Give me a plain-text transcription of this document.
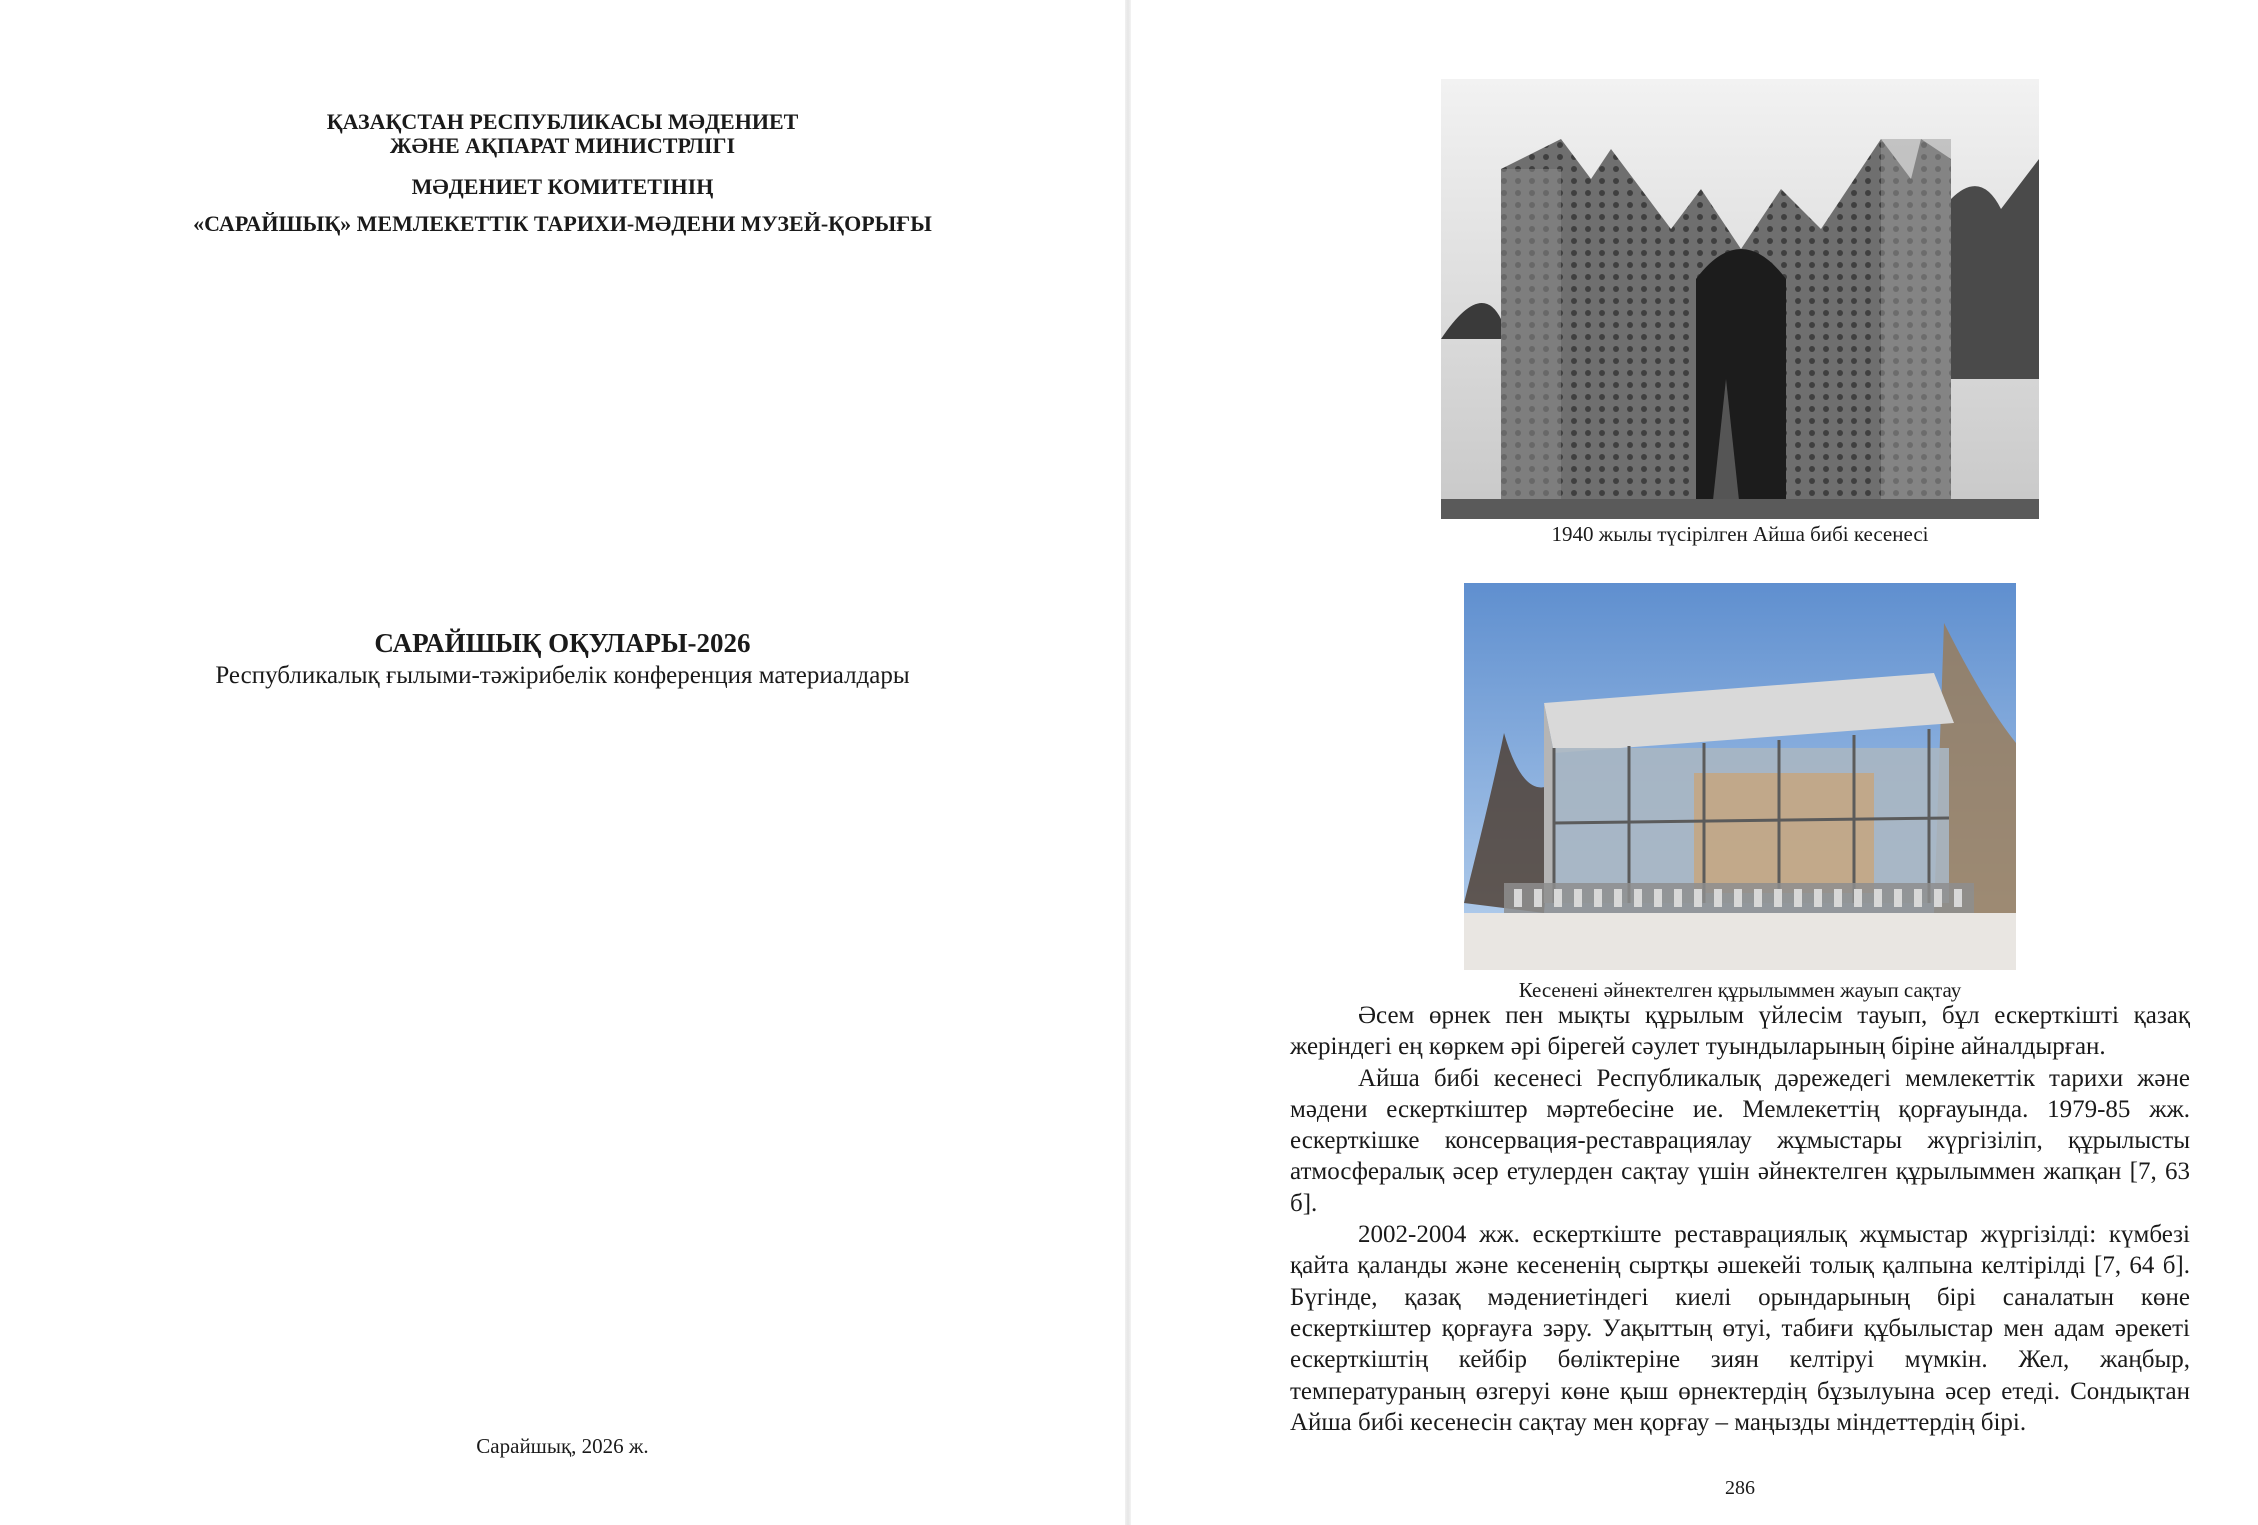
ҚАЗАҚСТАН РЕСПУБЛИКАСЫ МӘДЕНИЕТ ЖӘНЕ АҚПАРАТ МИНИСТРЛІГІ
МӘДЕНИЕТ КОМИТЕТІНІҢ
«САРАЙШЫҚ» МЕМЛЕКЕТТІК ТАРИХИ-МӘДЕНИ МУЗЕЙ-ҚОРЫҒЫ
САРАЙШЫҚ ОҚУЛАРЫ-2026
Республикалық ғылыми-тәжірибелік конференция материалдары
Сарайшық, 2026 ж.
1940 жылы түсірілген Айша бибі кесенесі
Кесенені әйнектелген құрылыммен жауып сақтау

Әсем өрнек пен мықты құрылым үйлесім тауып, бұл ескерткішті қазақ жеріндегі ең көркем әрі бірегей сәулет туындыларының біріне айналдырған.

Айша бибі кесенесі Республикалық дәрежедегі мемлекеттік тарихи және мәдени ескерткіштер мәртебесіне ие. Мемлекеттің қорғауында. 1979-85 жж. ескерткішке консервация-реставрациялау жұмыстары жүргізіліп, құрылысты атмосфералық әсер етулерден сақтау үшін әйнектелген құрылыммен жапқан [7, 63 б].

2002-2004 жж. ескерткіште реставрациялық жұмыстар жүргізілді: күмбезі қайта қаланды және кесененің сыртқы әшекейі толық қалпына келтірілді [7, 64 б]. Бүгінде, қазақ мәдениетіндегі киелі орындарының бірі саналатын көне ескерткіштер қорғауға зәру. Уақыттың өтуі, табиғи құбылыстар мен адам әрекеті ескерткіштің кейбір бөліктеріне зиян келтіруі мүмкін. Жел, жаңбыр, температураның өзгеруі көне қыш өрнектердің бұзылуына әсер етеді. Сондықтан Айша бибі кесенесін сақтау мен қорғау – маңызды міндеттердің бірі.

286
